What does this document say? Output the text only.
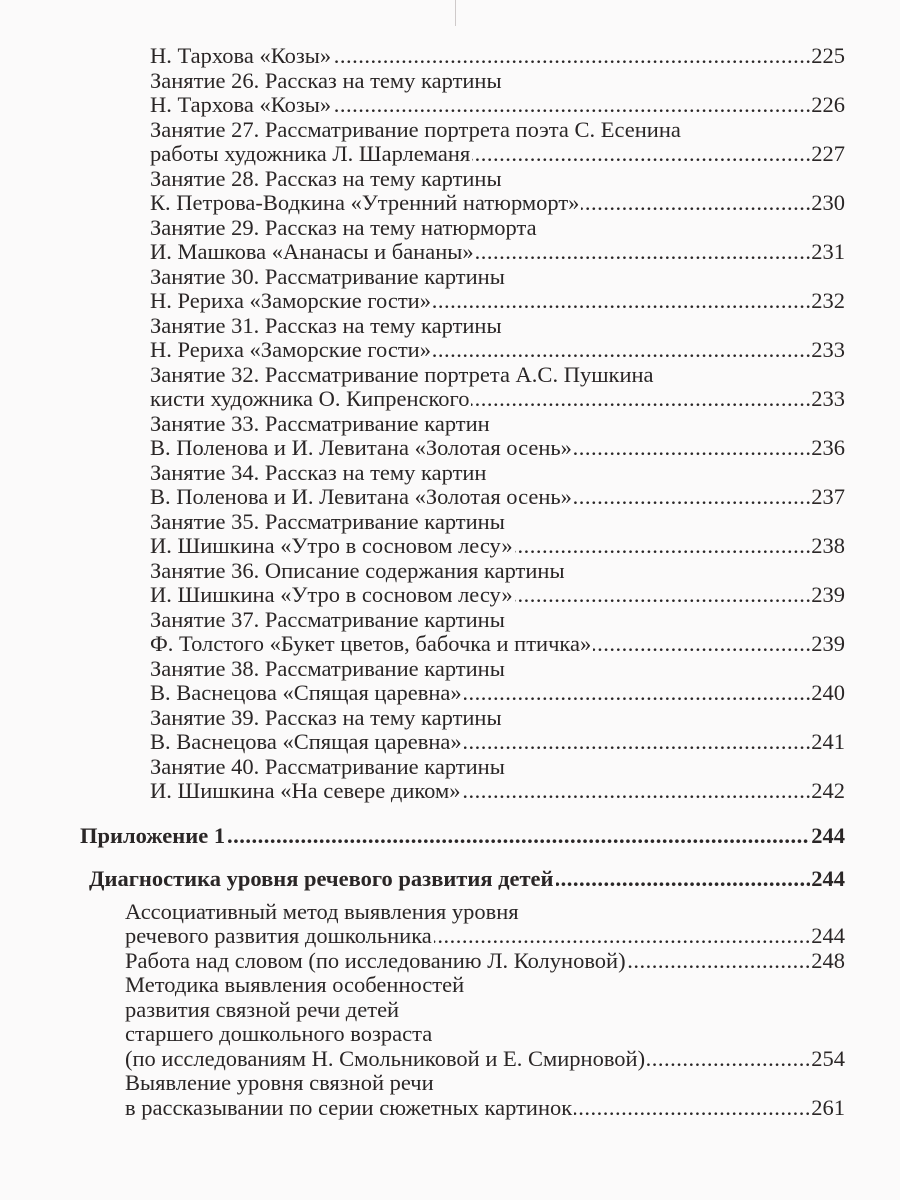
..... Н. Тархова «Козы»	225
Занятие 26. Рассказ на тему картины
..... Н. Тархова «Козы»	226
Занятие 27. Рассматривание портрета поэта С. Есенина
..... работы художника Л. Шарлеманя	227
Занятие 28. Рассказ на тему картины
..... К. Петрова-Водкина «Утренний натюрморт»	230
Занятие 29. Рассказ на тему натюрморта
..... И. Машкова «Ананасы и бананы»	231
Занятие 30. Рассматривание картины
..... Н. Рериха «Заморские гости»	232
Занятие 31. Рассказ на тему картины
..... Н. Рериха «Заморские гости»	233
Занятие 32. Рассматривание портрета А.С. Пушкина
..... кисти художника О. Кипренского	233
Занятие 33. Рассматривание картин
..... В. Поленова и И. Левитана «Золотая осень»	236
Занятие 34. Рассказ на тему картин
..... В. Поленова и И. Левитана «Золотая осень»	237
Занятие 35. Рассматривание картины
..... И. Шишкина «Утро в сосновом лесу»	238
Занятие 36. Описание содержания картины
..... И. Шишкина «Утро в сосновом лесу»	239
Занятие 37. Рассматривание картины
..... Ф. Толстого «Букет цветов, бабочка и птичка»	239
Занятие 38. Рассматривание картины
..... В. Васнецова «Спящая царевна»	240
Занятие 39. Рассказ на тему картины
..... В. Васнецова «Спящая царевна»	241
Занятие 40. Рассматривание картины
..... И. Шишкина «На севере диком»	242
..... Приложение 1	244
..... Диагностика уровня речевого развития детей	244
Ассоциативный метод выявления уровня
..... речевого развития дошкольника	244
..... Работа над словом (по исследованию Л. Колуновой)	248
Методика выявления особенностей
развития связной речи детей
старшего дошкольного возраста
..... (по исследованиям Н. Смольниковой и Е. Смирновой)	254
Выявление уровня связной речи
..... в рассказывании по серии сюжетных картинок	261
